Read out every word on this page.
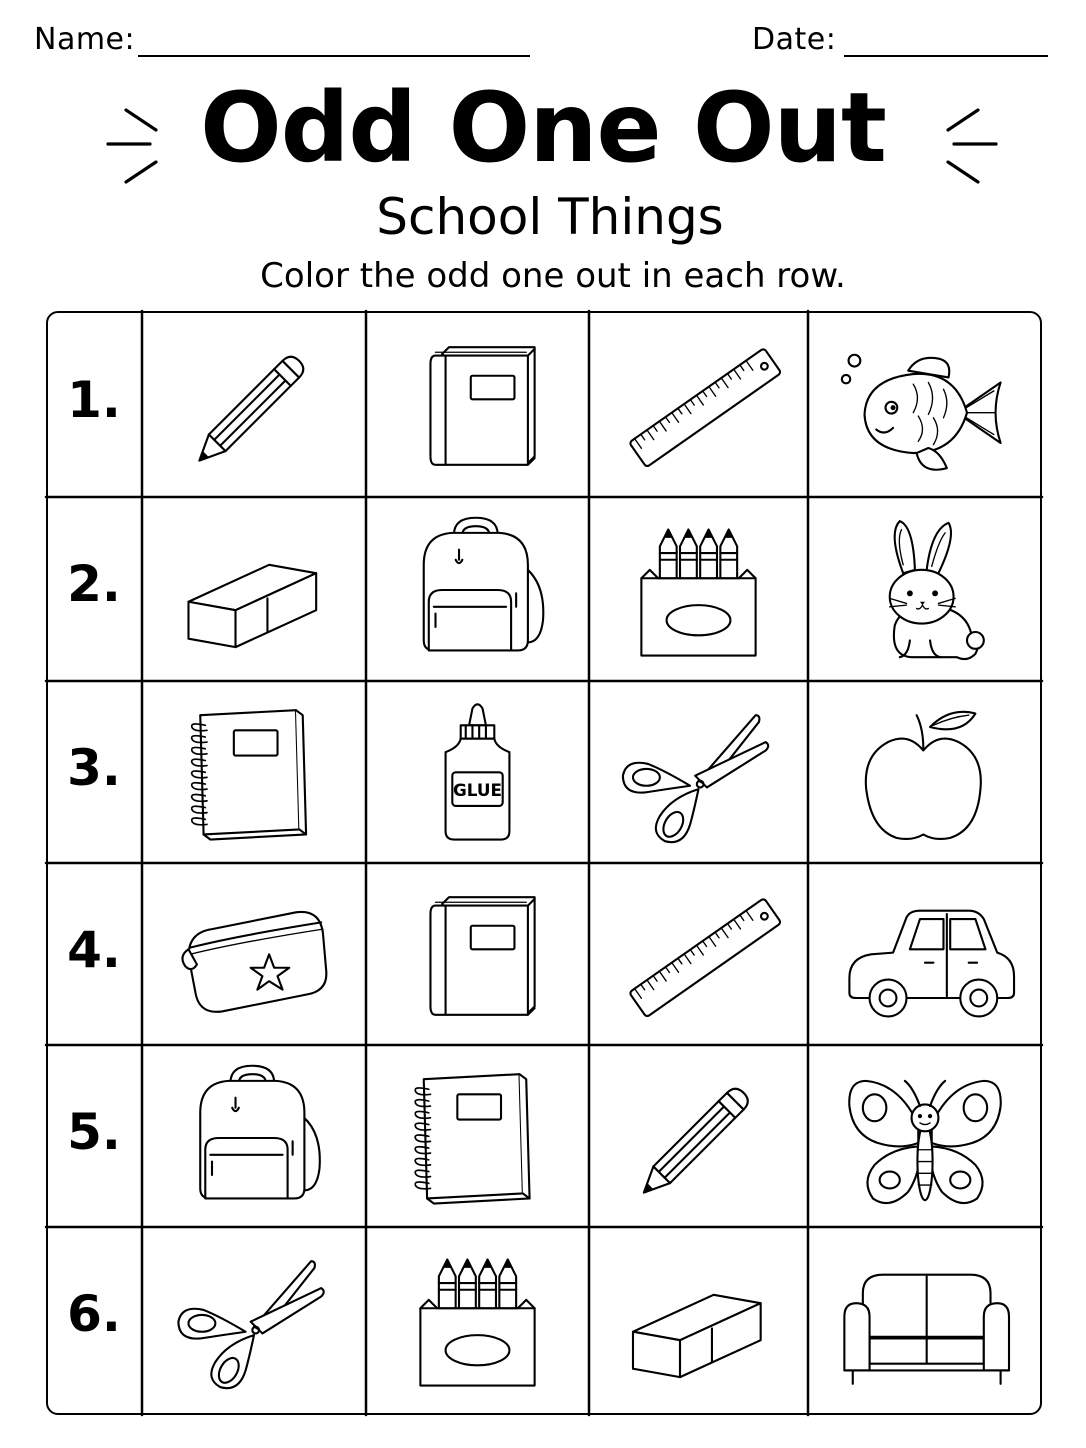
Name:	Date:
Odd One Out
School Things
Color the odd one out in each row.
1.
2.
3.	GLUE
4.
5.
6.
